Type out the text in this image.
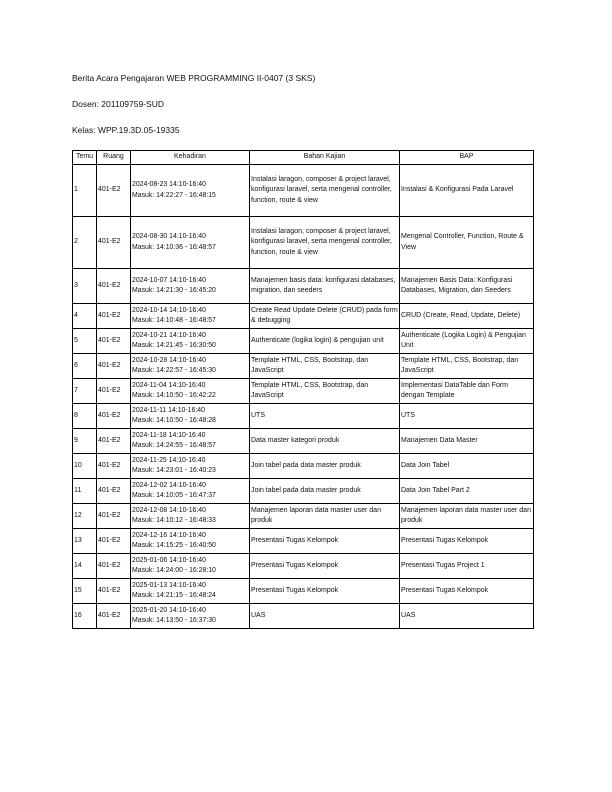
Berita Acara Pengajaran WEB PROGRAMMING II-0407 (3 SKS)
Dosen: 201109759-SUD
Kelas: WPP.19.3D.05-19335
Temu	Ruang	Kehadiran	Bahan Kajian	BAP
1	401-E2	2024-08-23 14:10-16:40
Masuk: 14:22:27 - 16:48:15	Instalasi laragon, composer & project laravel, konfigurasi laravel, serta mengenal controller, function, route & view	Instalasi & Konfigurasi Pada Laravel
2	401-E2	2024-08-30 14:10-16:40
Masuk: 14:10:36 - 16:48:57	Instalasi laragon, composer & project laravel, konfigurasi laravel, serta mengenal controller, function, route & view	Mengenal Controller, Function, Route & View
3	401-E2	2024-10-07 14:10-16:40
Masuk: 14:21:30 - 16:45:20	Manajemen basis data: konfigurasi databases, migration, dan seeders	Manajemen Basis Data: Konfigurasi Databases, Migration, dan Seeders
4	401-E2	2024-10-14 14:10-16:40
Masuk: 14:10:48 - 16:48:57	Create Read Update Delete (CRUD) pada form & debugging	CRUD (Create, Read, Update, Delete)
5	401-E2	2024-10-21 14:10-16:40
Masuk: 14:21:45 - 16:30:50	Authenticate (logika login) & pengujian unit	Authenticate (Logika Login) & Pengujian Unit
6	401-E2	2024-10-28 14:10-16:40
Masuk: 14:22:57 - 16:45:30	Template HTML, CSS, Bootstrap, dan JavaScript	Template HTML, CSS, Bootstrap, dan JavaScript
7	401-E2	2024-11-04 14:10-16:40
Masuk: 14:10:50 - 16:42:22	Template HTML, CSS, Bootstrap, dan JavaScript	Implementasi DataTable dan Form dengan Template
8	401-E2	2024-11-11 14:10-16:40
Masuk: 14:10:50 - 16:48:28	UTS	UTS
9	401-E2	2024-11-18 14:10-16:40
Masuk: 14:24:55 - 16:48:57	Data master kategori produk	Manajemen Data Master
10	401-E2	2024-11-25 14:10-16:40
Masuk: 14:23:01 - 16:40:23	Join tabel pada data master produk	Data Join Tabel
11	401-E2	2024-12-02 14:10-16:40
Masuk: 14:10:05 - 16:47:37	Join tabel pada data master produk	Data Join Tabel Part 2
12	401-E2	2024-12-08 14:10-16:40
Masuk: 14:10:12 - 16:48:33	Manajemen laporan data master user dan produk	Manajemen laporan data master user dan produk
13	401-E2	2024-12-16 14:10-16:40
Masuk: 14:15:25 - 16:40:50	Presentasi Tugas Kelompok	Presentasi Tugas Kelompok
14	401-E2	2025-01-06 14:10-16:40
Masuk: 14:24:00 - 16:28:10	Presentasi Tugas Kelompok	Presentasi Tugas Project 1
15	401-E2	2025-01-13 14:10-16:40
Masuk: 14:21:15 - 16:48:24	Presentasi Tugas Kelompok	Presentasi Tugas Kelompok
16	401-E2	2025-01-20 14:10-16:40
Masuk: 14:13:50 - 16:37:30	UAS	UAS
